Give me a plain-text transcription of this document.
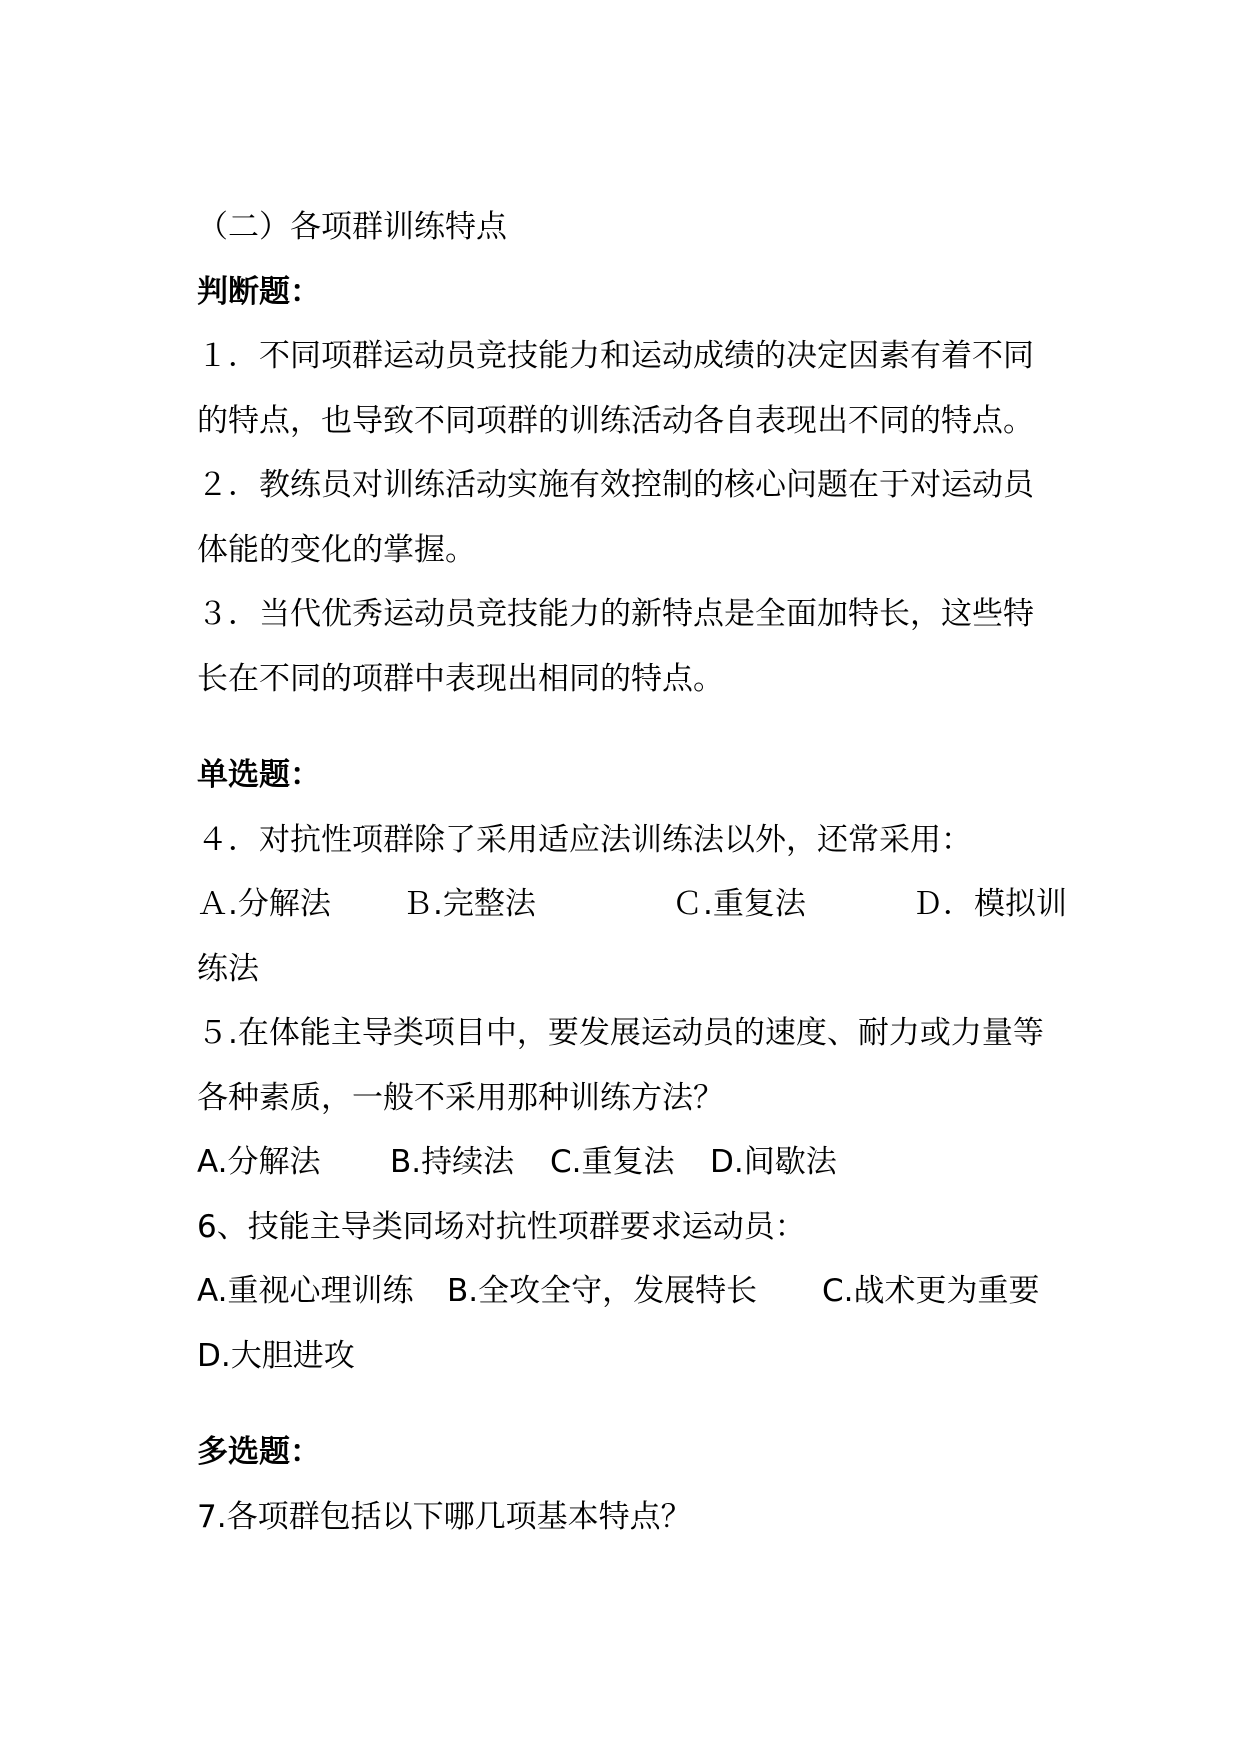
（二）各项群训练特点
判断题：
１．不同项群运动员竞技能力和运动成绩的决定因素有着不同
的特点，也导致不同项群的训练活动各自表现出不同的特点。
２．教练员对训练活动实施有效控制的核心问题在于对运动员
体能的变化的掌握。
３．当代优秀运动员竞技能力的新特点是全面加特长，这些特
长在不同的项群中表现出相同的特点。
单选题：
４．对抗性项群除了采用适应法训练法以外，还常采用：
Ａ.分解法 Ｂ.完整法	Ｃ.重复法	Ｄ．模拟训
练法
５.在体能主导类项目中，要发展运动员的速度、耐力或力量等
各种素质，一般不采用那种训练方法？
A.分解法 B.持续法 C.重复法 D.间歇法
6、技能主导类同场对抗性项群要求运动员：
A.重视心理训练 B.全攻全守，发展特长 C.战术更为重要
D.大胆进攻
多选题：
7.各项群包括以下哪几项基本特点？
